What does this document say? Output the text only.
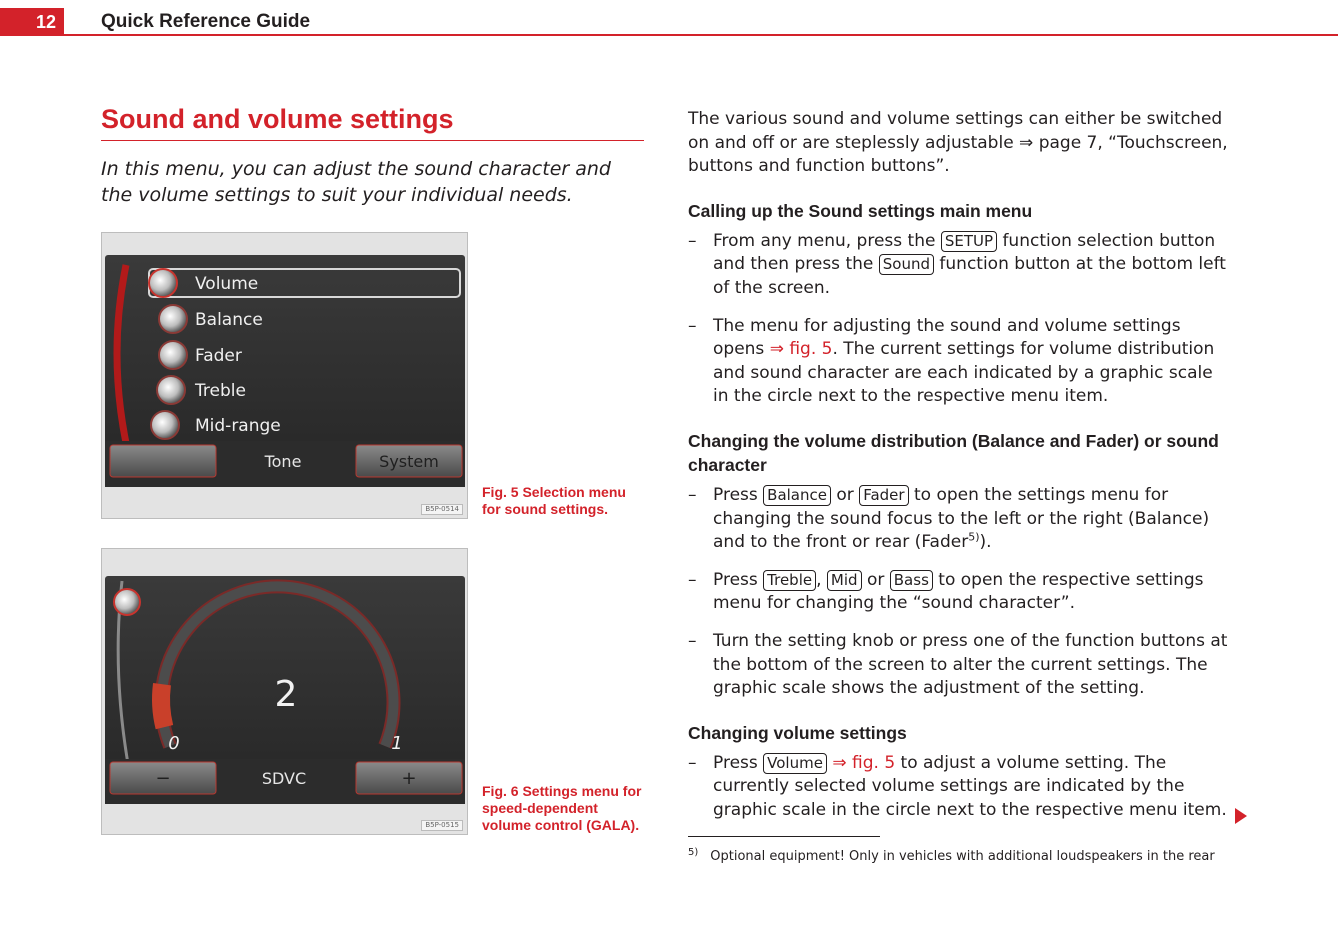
12	Quick Reference Guide
Sound and volume settings

In this menu, you can adjust the sound character and the volume settings to suit your individual needs.

Volume
Balance
Fader
Treble
Mid-range
Tone	System
B5P-0514
Fig. 5 Selection menu for sound settings.
2
0	1
−	SDVC	+
B5P-0515
Fig. 6 Settings menu for speed-dependent volume control (GALA).

The various sound and volume settings can either be switched on and off or are steplessly adjustable ⇒ page 7, “Touchscreen, buttons and function buttons”.

Calling up the Sound settings main menu
– From any menu, press the SETUP function selection button and then press the Sound function button at the bottom left of the screen.
– The menu for adjusting the sound and volume settings opens ⇒ fig. 5. The current settings for volume distribution and sound character are each indicated by a graphic scale in the circle next to the respective menu item.
Changing the volume distribution (Balance and Fader) or sound character
– Press Balance or Fader to open the settings menu for changing the sound focus to the left or the right (Balance) and to the front or rear (Fader$^{5)}$).
– Press Treble , Mid or Bass to open the respective settings menu for changing the “sound character”.
– Turn the setting knob or press one of the function buttons at the bottom of the screen to alter the current settings. The graphic scale shows the adjustment of the setting.
Changing volume settings
– Press Volume ⇒ fig. 5 to adjust a volume setting. The currently selected volume settings are indicated by the graphic scale in the circle next to the respective menu item.
$^{5)}$ Optional equipment! Only in vehicles with additional loudspeakers in the rear
